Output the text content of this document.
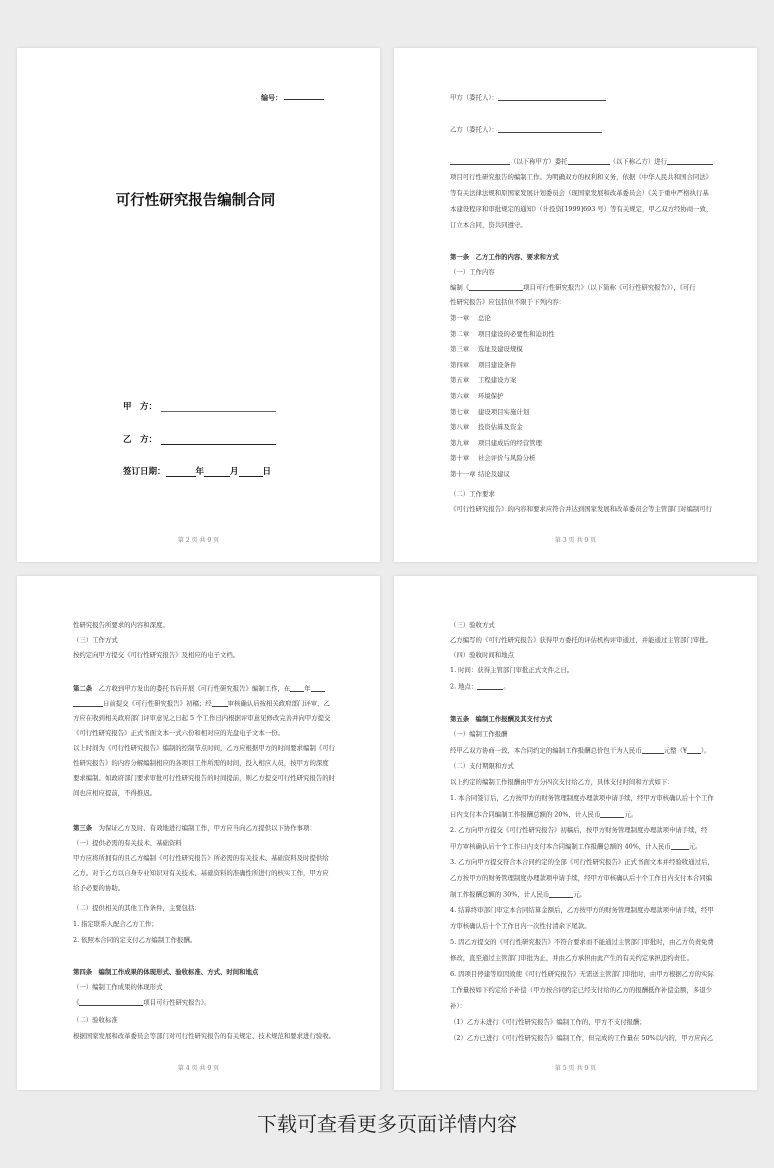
编号：
可行性研究报告编制合同
甲　方：
乙　方：
签订日期：	年	月	日
第 2 页 共 9 页
甲方（委托人）：
乙方（委托人）：
（以下称甲方）委托	（以下称乙方）进行
项目可行性研究报告的编制工作。为明确双方的权利和义务，依据《中华人民共和国合同法》
等有关法律法规和原国家发展计划委员会（现国家发展和改革委员会）《关于重申严格执行基
本建设程序和审批规定的通知》（计投资[1999]693 号）等有关规定，甲乙双方经协商一致，
订立本合同，资共同遵守。
第一条　乙方工作的内容、要求和方式
（一）工作内容
编制《	项目可行性研究报告》（以下简称《可行性研究报告》），《可行
性研究报告》应包括但不限于下列内容：
（二）工作要求
《可行性研究报告》的内容和要求应符合并达到国家发展和改革委员会等主管部门对编制可行
第 3 页 共 9 页
第一章 总论
第二章 项目建设的必要性和迫切性
第三章 选址及建设规模
第四章 项目建设条件
第五章 工程建设方案
第六章 环境保护
第七章 建设项目实施计划
第八章 投资估算及资金
第九章 项目建成后的经营管理
第十章 社会评价与风险分析
第十一章 结论及建议
性研究报告所要求的内容和深度。
（三）工作方式
按约定向甲方提交《可行性研究报告》及相应的电子文档。
第二条　 乙方收到甲方发出的委托书后开展《可行性研究报告》编制工作，在 年
日前提交《可行性研究报告》初稿；经	审核确认后按相关政府部门评审，乙
方应在收到相关政府部门评审意见之日起 5 个工作日内根据评审意见修改完善并向甲方提交
《可行性研究报告》正式书面文本一式六份和相对应的光盘电子文本一份。
以上时间为《可行性研究报告》编制的控制节点时间，乙方应根据甲方的时间要求编制《可行
性研究报告》的内容分解编制相应的各项目工作所需的时间，投入相应人员，按甲方的深度
要求编制。如政府部门要求审批可行性研究报告的时间提前，则乙方提交可行性研究报告的时
间也应相应提前，不得推迟。
第三条　 为保证乙方及时、有效地进行编制工作，甲方应当向乙方提供以下协作事项：
（一）提供必需的有关技术、基础资料
甲方应将所拥有的且乙方编制《可行性研究报告》所必需的有关技术、基础资料及时提供给
乙方。对于乙方以自身专业知识对有关技术、基础资料的准确性所进行的核实工作，甲方应
给予必要的协助。
（二）提供相关的其他工作条件，主要包括：
1. 指定联系人配合乙方工作；
2. 依照本合同的定支付乙方编制工作报酬。
第四条　编制工作成果的体现形式、验收标准、方式、时间和地点
（一）编制工作成果的体现形式
《	项目可行性研究报告》。
（二）验收标准
根据国家发展和改革委员会等部门对可行性研究报告的有关规定、技术规范和要求进行验收。
第 4 页 共 9 页
（三）验收方式
乙方编写的《可行性研究报告》获得甲方委托的评估机构评审通过，并能通过主管部门审批。
（四）验收时间和地点
1. 时间：获得主管部门审批正式文件之日。
2. 地点：	。
第五条　编制工作报酬及其支付方式
（一）编制工作报酬
经甲乙双方协商一致，本合同约定的编制工作报酬总价包干为人民币	元整（¥ ）。
（二）支付期限和方式
以上约定的编制工作报酬由甲方分四次支付给乙方，具体支付时间和方式如下：
1. 本合同签订后，乙方按甲方的财务管理制度办理款项申请手续，经甲方审核确认后十个工作
日内支付本合同编制工作报酬总额的 20%，计人民币	元。
2. 乙方向甲方提交《可行性研究报告》初稿后，按甲方财务管理制度办理款项申请手续，经
甲方审核确认后十个工作日内支付本合同编制工作报酬总额的 40%，计人民币	元。
3. 乙方向甲方提交符合本合同约定的全部《可行性研究报告》正式书面文本并经验收通过后，
乙方按甲方的财务管理制度办理款项申请手续，经甲方审核确认后十个工作日内支付本合同编
制工作报酬总额的 30%，计人民币	元。
4. 结算终审部门审定本合同结算金额后，乙方按甲方的财务管理制度办理款项申请手续，经甲
方审核确认后十个工作日内一次性付清余下尾款。
5. 因乙方提交的《可行性研究报告》不符合要求而不能通过主管部门审批时，由乙方负责免费
修改，直至通过主管部门审批为止，并由乙方承担由此产生的有关约定承担违约责任。
6. 因项目停建等原因致使《可行性研究报告》无需送主管部门审批时，由甲方根据乙方的实际
工作量按如下约定给予补偿（甲方按合同约定已经支付给的乙方的报酬抵作补偿金额，多退少
补）：
（1）乙方未进行《可行性研究报告》编制工作的，甲方不支付报酬；
（2）乙方已进行《可行性研究报告》编制工作，但完成的工作量在 50%以内的，甲方应向乙
第 5 页 共 9 页
下载可查看更多页面详情内容
